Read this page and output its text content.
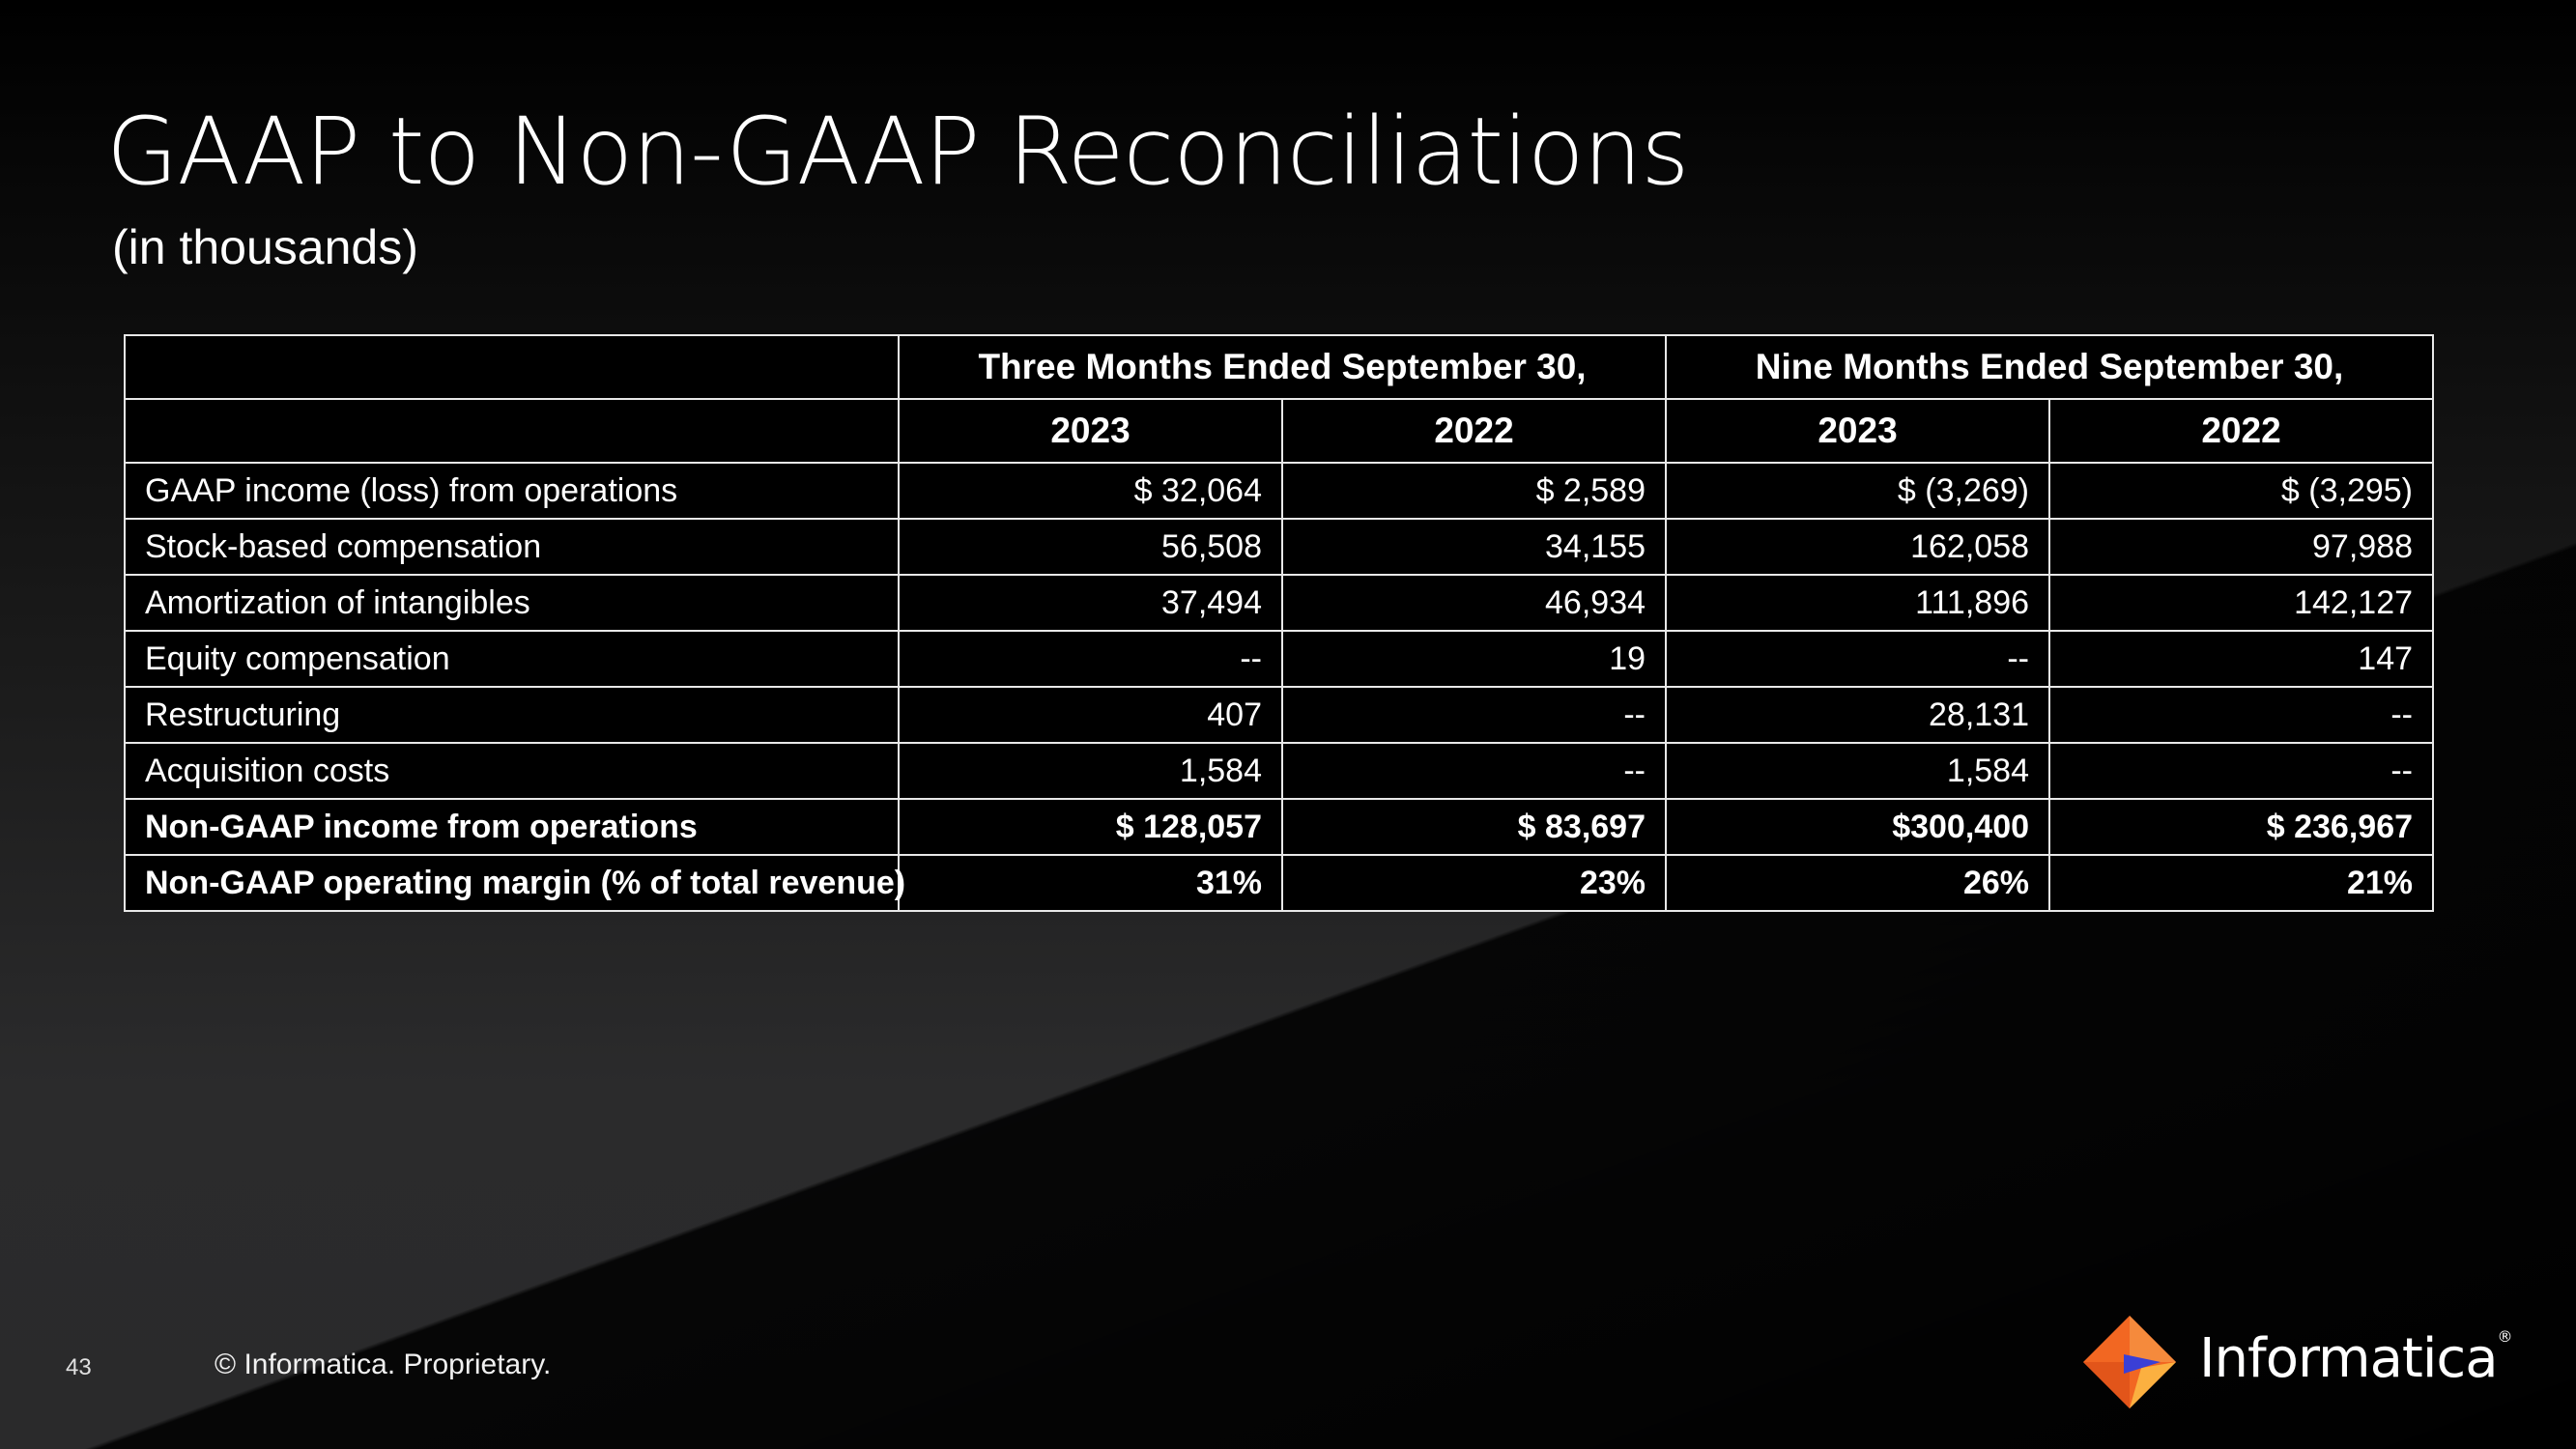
GAAP to Non-GAAP Reconciliations
(in thousands)
	Three Months Ended September 30,		Nine Months Ended September 30,	
	2023	2022	2023	2022
GAAP income (loss) from operations	$ 32,064	$ 2,589	$ (3,269)	$ (3,295)
Stock-based compensation	56,508	34,155	162,058	97,988
Amortization of intangibles	37,494	46,934	111,896	142,127
Equity compensation	--	19	--	147
Restructuring	407	--	28,131	--
Acquisition costs	1,584	--	1,584	--
Non-GAAP income from operations	$ 128,057	$ 83,697	$300,400	$ 236,967
Non-GAAP operating margin (% of total revenue)	31%	23%	26%	21%
43	© Informatica. Proprietary.	Informatica®
